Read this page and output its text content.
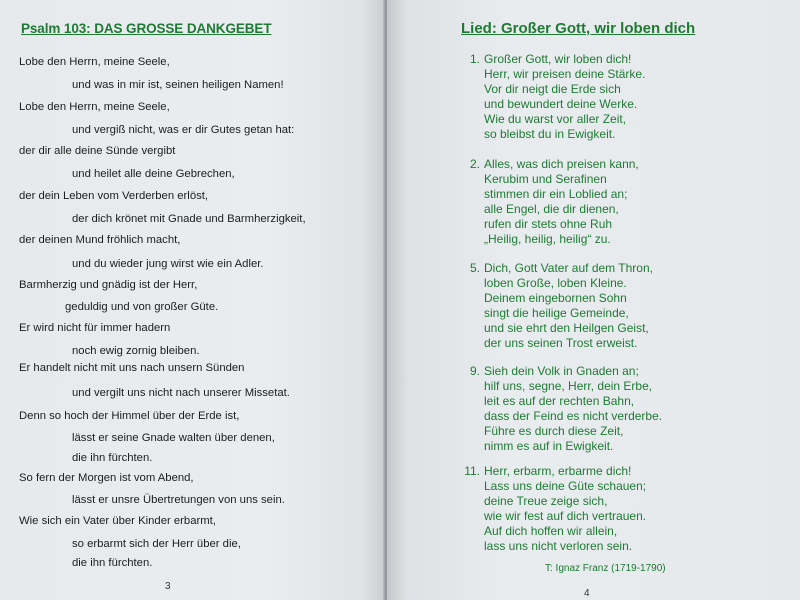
Psalm 103: DAS GROSSE DANKGEBET
Lobe den Herrn, meine Seele,
und was in mir ist, seinen heiligen Namen!
Lobe den Herrn, meine Seele,
und vergiß nicht, was er dir Gutes getan hat:
der dir alle deine Sünde vergibt
und heilet alle deine Gebrechen,
der dein Leben vom Verderben erlöst,
der dich krönet mit Gnade und Barmherzigkeit,
der deinen Mund fröhlich macht,
und du wieder jung wirst wie ein Adler.
Barmherzig und gnädig ist der Herr,
geduldig und von großer Güte.
Er wird nicht für immer hadern
noch ewig zornig bleiben.
Er handelt nicht mit uns nach unsern Sünden
und vergilt uns nicht nach unserer Missetat.
Denn so hoch der Himmel über der Erde ist,
lässt er seine Gnade walten über denen,
die ihn fürchten.
So fern der Morgen ist vom Abend,
lässt er unsre Übertretungen von uns sein.
Wie sich ein Vater über Kinder erbarmt,
so erbarmt sich der Herr über die,
die ihn fürchten.
3
Lied: Großer Gott, wir loben dich
1. Großer Gott, wir loben dich!
Herr, wir preisen deine Stärke.
Vor dir neigt die Erde sich
und bewundert deine Werke.
Wie du warst vor aller Zeit,
so bleibst du in Ewigkeit.
2. Alles, was dich preisen kann,
Kerubim und Serafinen
stimmen dir ein Loblied an;
alle Engel, die dir dienen,
rufen dir stets ohne Ruh
„Heilig, heilig, heilig“ zu.
5. Dich, Gott Vater auf dem Thron,
loben Große, loben Kleine.
Deinem eingebornen Sohn
singt die heilige Gemeinde,
und sie ehrt den Heilgen Geist,
der uns seinen Trost erweist.
9. Sieh dein Volk in Gnaden an;
hilf uns, segne, Herr, dein Erbe,
leit es auf der rechten Bahn,
dass der Feind es nicht verderbe.
Führe es durch diese Zeit,
nimm es auf in Ewigkeit.
11. Herr, erbarm, erbarme dich!
Lass uns deine Güte schauen;
deine Treue zeige sich,
wie wir fest auf dich vertrauen.
Auf dich hoffen wir allein,
lass uns nicht verloren sein.
T: Ignaz Franz (1719-1790)
4
